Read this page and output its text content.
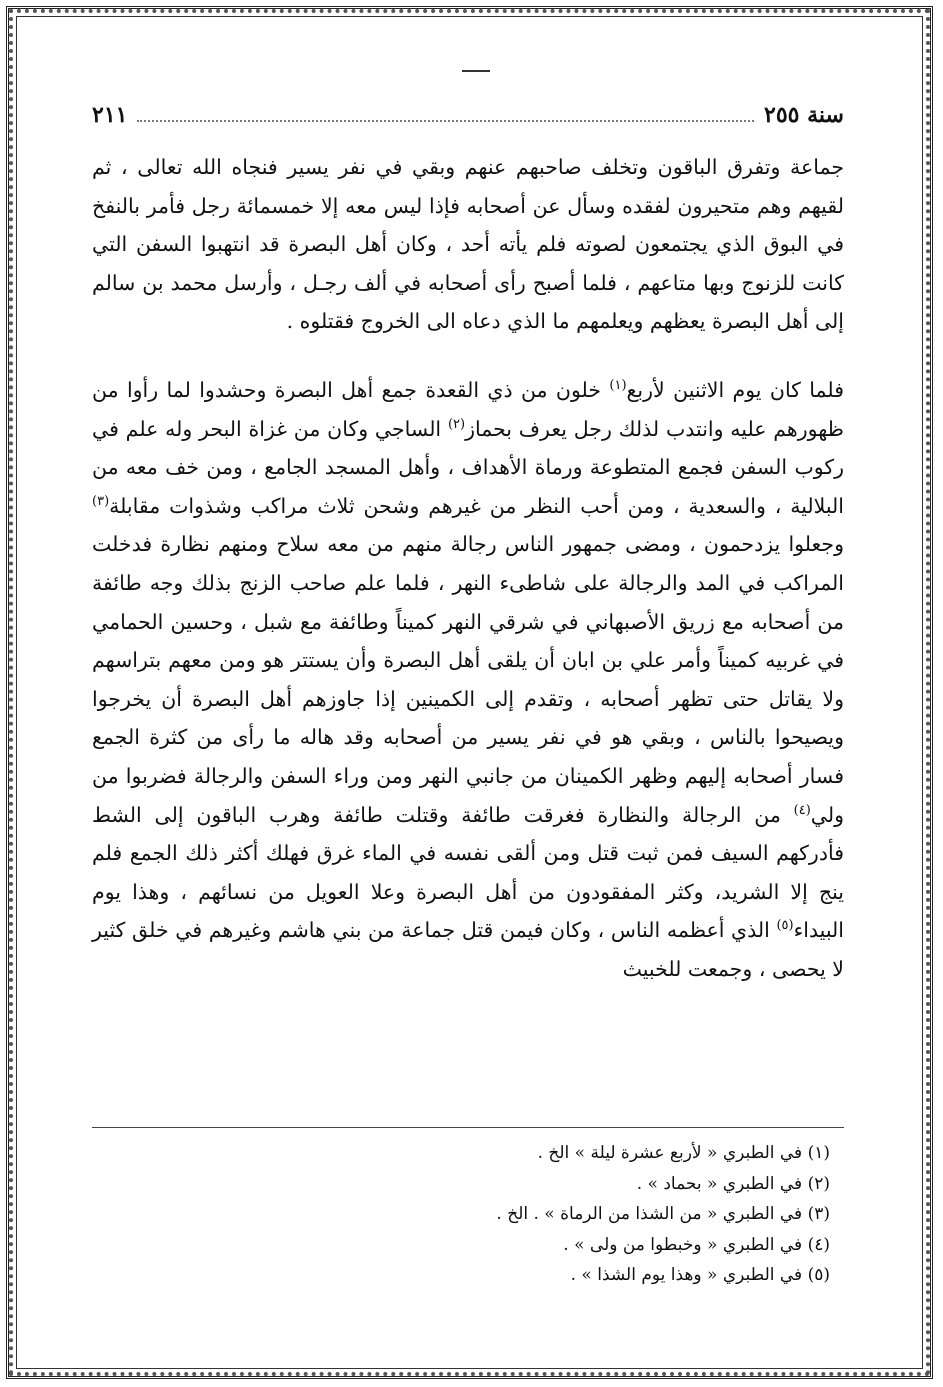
سنة ٢٥٥
٢١١

جماعة وتفرق الباقون وتخلف صاحبهم عنهم وبقي في نفر يسير فنجاه الله تعالى ، ثم لقيهم وهم متحيرون لفقده وسأل عن أصحابه فإذا ليس معه إلا خمسمائة رجل فأمر بالنفخ في البوق الذي يجتمعون لصوته فلم يأته أحد ، وكان أهل البصرة قد انتهبوا السفن التي كانت للزنوج وبها متاعهم ، فلما أصبح رأى أصحابه في ألف رجـل ، وأرسل محمد بن سالم إلى أهل البصرة يعظهم ويعلمهم ما الذي دعاه الى الخروج فقتلوه .

فلما كان يوم الاثنين لأربع$^{(١)}$ خلون من ذي القعدة جمع أهل البصرة وحشدوا لما رأوا من ظهورهم عليه وانتدب لذلك رجل يعرف بحماز$^{(٢)}$ الساجي وكان من غزاة البحر وله علم في ركوب السفن فجمع المتطوعة ورماة الأهداف ، وأهل المسجد الجامع ، ومن خف معه من البلالية ، والسعدية ، ومن أحب النظر من غيرهم وشحن ثلاث مراكب وشذوات مقابلة$^{(٣)}$ وجعلوا يزدحمون ، ومضى جمهور الناس رجالة منهم من معه سلاح ومنهم نظارة فدخلت المراكب في المد والرجالة على شاطىء النهر ، فلما علم صاحب الزنج بذلك وجه طائفة من أصحابه مع زريق الأصبهاني في شرقي النهر كميناً وطائفة مع شبل ، وحسين الحمامي في غربيه كميناً وأمر علي بن ابان أن يلقى أهل البصرة وأن يستتر هو ومن معهم بتراسهم ولا يقاتل حتى تظهر أصحابه ، وتقدم إلى الكمينين إذا جاوزهم أهل البصرة أن يخرجوا ويصيحوا بالناس ، وبقي هو في نفر يسير من أصحابه وقد هاله ما رأى من كثرة الجمع فسار أصحابه إليهم وظهر الكمينان من جانبي النهر ومن وراء السفن والرجالة فضربوا من ولي$^{(٤)}$ من الرجالة والنظارة فغرقت طائفة وقتلت طائفة وهرب الباقون إلى الشط فأدركهم السيف فمن ثبت قتل ومن ألقى نفسه في الماء غرق فهلك أكثر ذلك الجمع فلم ينج إلا الشريد، وكثر المفقودون من أهل البصرة وعلا العويل من نسائهم ، وهذا يوم البيداء$^{(٥)}$ الذي أعظمه الناس ، وكان فيمن قتل جماعة من بني هاشم وغيرهم في خلق كثير لا يحصى ، وجمعت للخبيث

(١) في الطبري « لأربع عشرة ليلة » الخ .
(٢) في الطبري « بحماد » .
(٣) في الطبري « من الشذا من الرماة » . الخ .
(٤) في الطبري « وخبطوا من ولى » .
(٥) في الطبري « وهذا يوم الشذا » .
